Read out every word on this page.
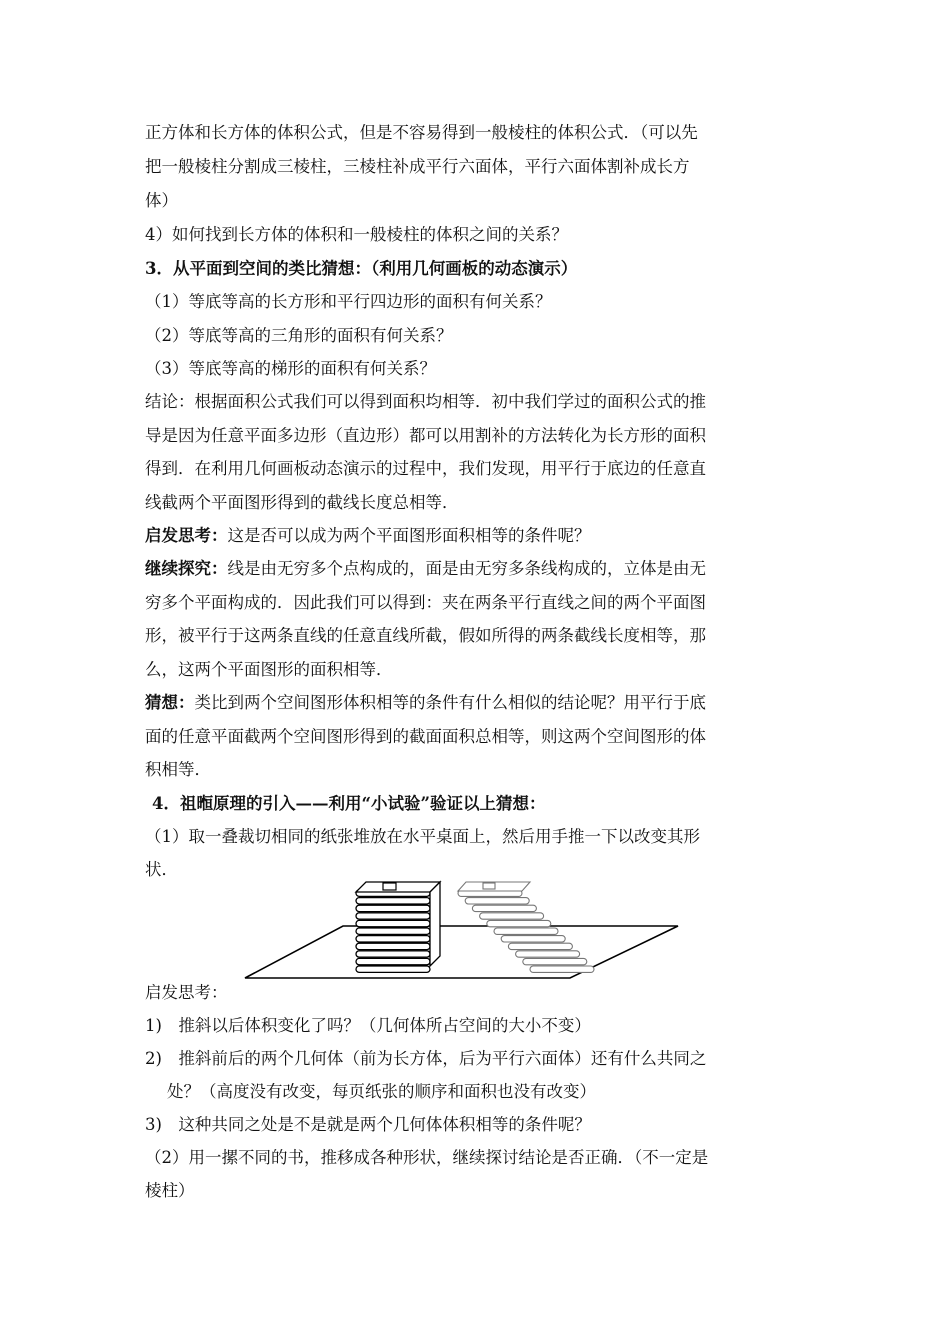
正方体和长方体的体积公式，但是不容易得到一般棱柱的体积公式．（可以先
把一般棱柱分割成三棱柱，三棱柱补成平行六面体，平行六面体割补成长方
体）
4）如何找到长方体的体积和一般棱柱的体积之间的关系？
3．从平面到空间的类比猜想：（利用几何画板的动态演示）
（1）等底等高的长方形和平行四边形的面积有何关系？
（2）等底等高的三角形的面积有何关系？
（3）等底等高的梯形的面积有何关系？
结论：根据面积公式我们可以得到面积均相等．初中我们学过的面积公式的推
导是因为任意平面多边形（直边形）都可以用割补的方法转化为长方形的面积
得到．在利用几何画板动态演示的过程中，我们发现，用平行于底边的任意直
线截两个平面图形得到的截线长度总相等．
启发思考：这是否可以成为两个平面图形面积相等的条件呢？
继续探究：线是由无穷多个点构成的，面是由无穷多条线构成的，立体是由无
穷多个平面构成的．因此我们可以得到：夹在两条平行直线之间的两个平面图
形，被平行于这两条直线的任意直线所截，假如所得的两条截线长度相等，那
么，这两个平面图形的面积相等．
猜想：类比到两个空间图形体积相等的条件有什么相似的结论呢？用平行于底
面的任意平面截两个空间图形得到的截面面积总相等，则这两个空间图形的体
积相等．
4．祖暅原理的引入——利用“小试验”验证以上猜想：
（1）取一叠裁切相同的纸张堆放在水平桌面上，然后用手推一下以改变其形
状．
启发思考：
1)　推斜以后体积变化了吗？（几何体所占空间的大小不变）
2)　推斜前后的两个几何体（前为长方体，后为平行六面体）还有什么共同之
处？（高度没有改变，每页纸张的顺序和面积也没有改变）
3)　这种共同之处是不是就是两个几何体体积相等的条件呢？
（2）用一摞不同的书，推移成各种形状，继续探讨结论是否正确．（不一定是
棱柱）
